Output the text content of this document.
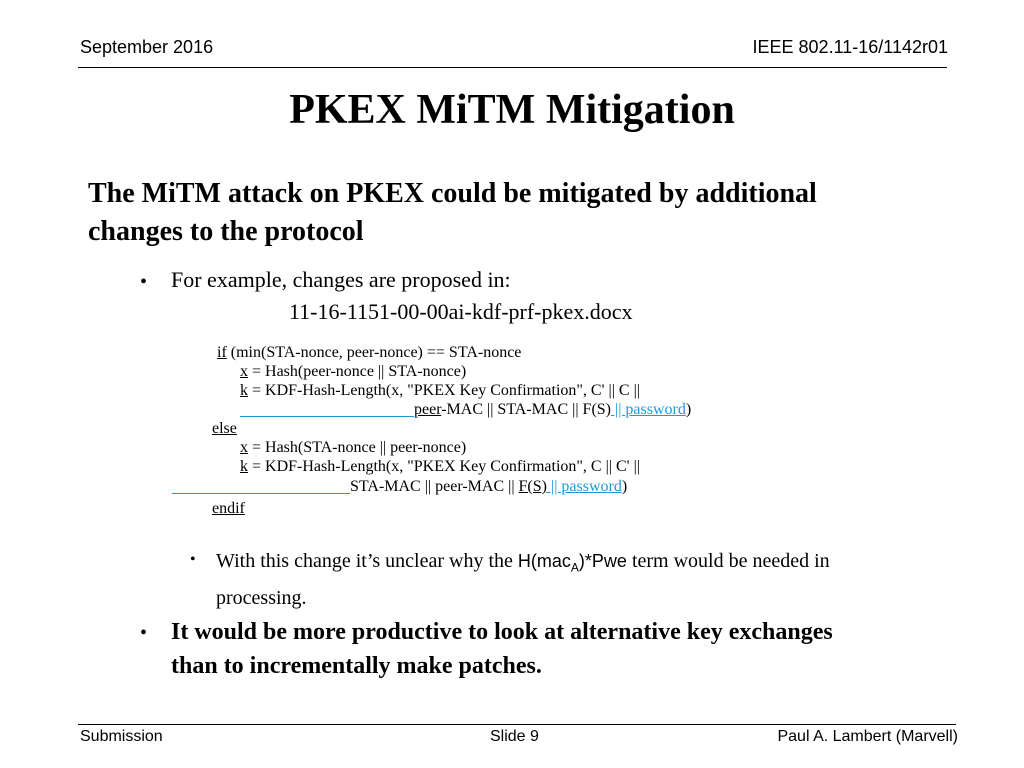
September 2016	IEEE 802.11-16/1142r01
PKEX MiTM Mitigation
The MiTM attack on PKEX could be mitigated by additional changes to the protocol
• For example, changes are proposed in:
11-16-1151-00-00ai-kdf-prf-pkex.docx
if (min(STA-nonce, peer-nonce) == STA-nonce
x = Hash(peer-nonce || STA-nonce)
k = KDF-Hash-Length(x, "PKEX Key Confirmation", C' || C ||
peer-MAC || STA-MAC || F(S) || password)
else
x = Hash(STA-nonce || peer-nonce)
k = KDF-Hash-Length(x, "PKEX Key Confirmation", C || C' ||
STA-MAC || peer-MAC || F(S) || password)
endif
• With this change it’s unclear why the H(mac$_A$)*Pwe term would be needed in processing.
• It would be more productive to look at alternative key exchanges than to incrementally make patches.
Submission	Slide 9	Paul A. Lambert (Marvell)
